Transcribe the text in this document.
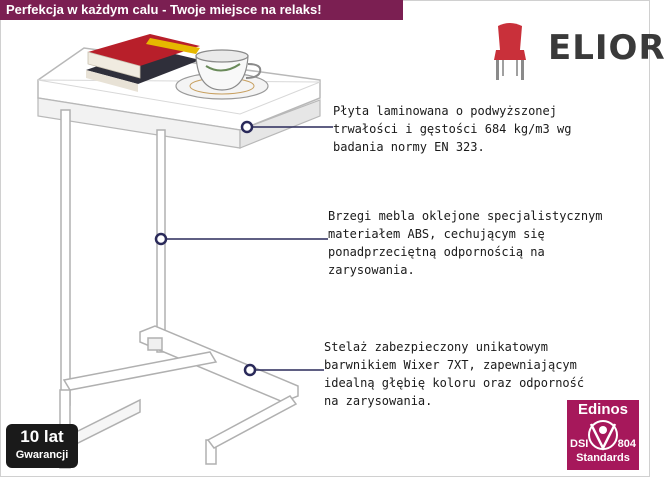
Perfekcja w każdym calu - Twoje miejsce na relaks!
ELIOR
Płyta laminowana o podwyższonej
trwałości i gęstości 684 kg/m3 wg
badania normy EN 323.
Brzegi mebla oklejone specjalistycznym
materiałem ABS, cechującym się
ponadprzeciętną odpornością na
zarysowania.
Stelaż zabezpieczony unikatowym
barwnikiem Wixer 7XT, zapewniającym
idealną głębię koloru oraz odporność
na zarysowania.
10 lat
Gwarancji
Edinos
DSI	804
Standards
